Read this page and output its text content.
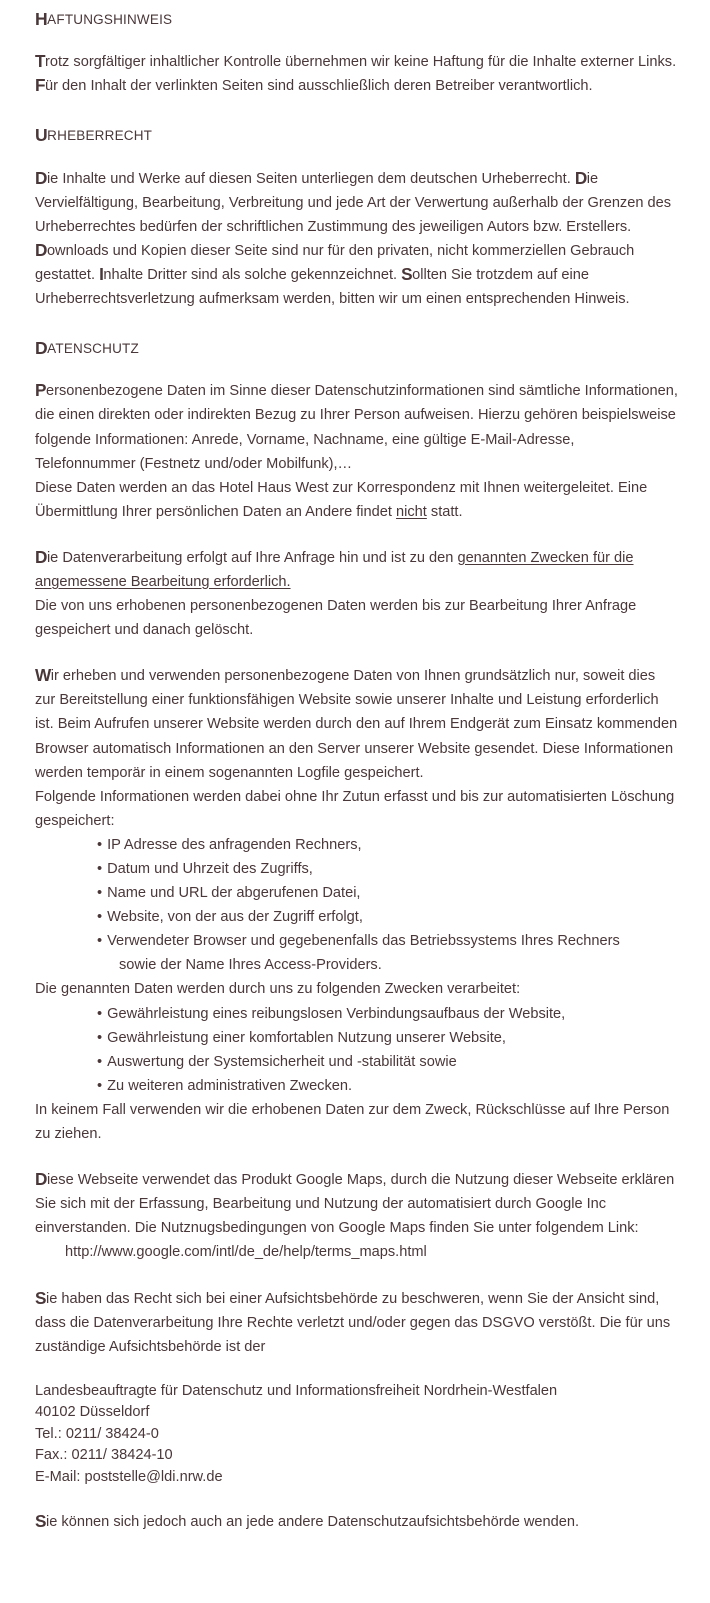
HAFTUNGSHINWEIS

Trotz sorgfältiger inhaltlicher Kontrolle übernehmen wir keine Haftung für die Inhalte externer Links. Für den Inhalt der verlinkten Seiten sind ausschließlich deren Betreiber verantwortlich.

URHEBERRECHT

Die Inhalte und Werke auf diesen Seiten unterliegen dem deutschen Urheberrecht. Die Vervielfältigung, Bearbeitung, Verbreitung und jede Art der Verwertung außerhalb der Grenzen des Urheberrechtes bedürfen der schriftlichen Zustimmung des jeweiligen Autors bzw. Erstellers. Downloads und Kopien dieser Seite sind nur für den privaten, nicht kommerziellen Gebrauch gestattet. Inhalte Dritter sind als solche gekennzeichnet. Sollten Sie trotzdem auf eine Urheberrechtsverletzung aufmerksam werden, bitten wir um einen entsprechenden Hinweis.

DATENSCHUTZ

Personenbezogene Daten im Sinne dieser Datenschutzinformationen sind sämtliche Informationen, die einen direkten oder indirekten Bezug zu Ihrer Person aufweisen. Hierzu gehören beispielsweise folgende Informationen: Anrede, Vorname, Nachname, eine gültige E-Mail-Adresse, Telefonnummer (Festnetz und/oder Mobilfunk),…
Diese Daten werden an das Hotel Haus West zur Korrespondenz mit Ihnen weitergeleitet. Eine Übermittlung Ihrer persönlichen Daten an Andere findet nicht statt.

Die Datenverarbeitung erfolgt auf Ihre Anfrage hin und ist zu den genannten Zwecken für die angemessene Bearbeitung erforderlich.
Die von uns erhobenen personenbezogenen Daten werden bis zur Bearbeitung Ihrer Anfrage gespeichert und danach gelöscht.

Wir erheben und verwenden personenbezogene Daten von Ihnen grundsätzlich nur, soweit dies zur Bereitstellung einer funktionsfähigen Website sowie unserer Inhalte und Leistung erforderlich ist. Beim Aufrufen unserer Website werden durch den auf Ihrem Endgerät zum Einsatz kommenden Browser automatisch Informationen an den Server unserer Website gesendet. Diese Informationen werden temporär in einem sogenannten Logfile gespeichert.
Folgende Informationen werden dabei ohne Ihr Zutun erfasst und bis zur automatisierten Löschung gespeichert:

• IP Adresse des anfragenden Rechners,
• Datum und Uhrzeit des Zugriffs,
• Name und URL der abgerufenen Datei,
• Website, von der aus der Zugriff erfolgt,
• Verwendeter Browser und gegebenenfalls das Betriebssystems Ihres Rechners
sowie der Name Ihres Access-Providers.

Die genannten Daten werden durch uns zu folgenden Zwecken verarbeitet:

• Gewährleistung eines reibungslosen Verbindungsaufbaus der Website,
• Gewährleistung einer komfortablen Nutzung unserer Website,
• Auswertung der Systemsicherheit und -stabilität sowie
• Zu weiteren administrativen Zwecken.

In keinem Fall verwenden wir die erhobenen Daten zur dem Zweck, Rückschlüsse auf Ihre Person zu ziehen.

Diese Webseite verwendet das Produkt Google Maps, durch die Nutzung dieser Webseite erklären Sie sich mit der Erfassung, Bearbeitung und Nutzung der automatisiert durch Google Inc einverstanden. Die Nutznugsbedingungen von Google Maps finden Sie unter folgendem Link:

http://www.google.com/intl/de_de/help/terms_maps.html

Sie haben das Recht sich bei einer Aufsichtsbehörde zu beschweren, wenn Sie der Ansicht sind, dass die Datenverarbeitung Ihre Rechte verletzt und/oder gegen das DSGVO verstößt. Die für uns zuständige Aufsichtsbehörde ist der

Landesbeauftragte für Datenschutz und Informationsfreiheit Nordrhein-Westfalen
40102 Düsseldorf
Tel.: 0211/ 38424-0
Fax.: 0211/ 38424-10
E-Mail: poststelle@ldi.nrw.de

Sie können sich jedoch auch an jede andere Datenschutzaufsichtsbehörde wenden.
